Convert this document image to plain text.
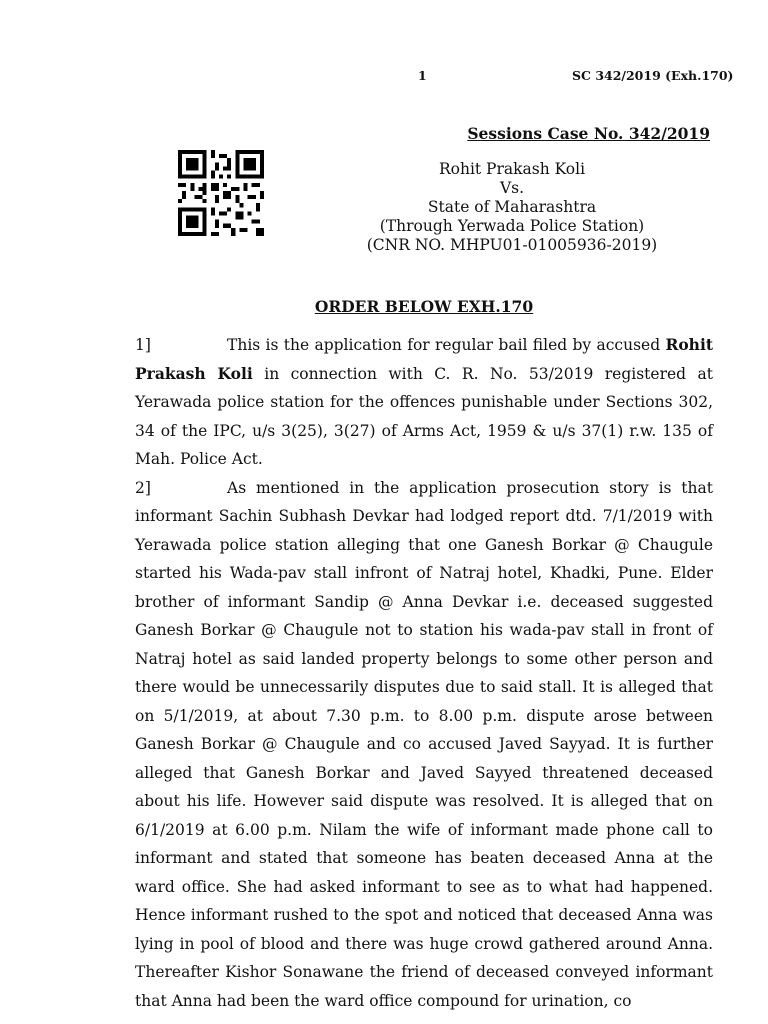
1	SC 342/2019 (Exh.170)
Sessions Case No. 342/2019
Rohit Prakash Koli
Vs.
State of Maharashtra
(Through Yerwada Police Station)
(CNR NO. MHPU01-01005936-2019)
ORDER BELOW EXH.170

1]	This is the application for regular bail filed by accused Rohit Prakash Koli in connection with C. R. No. 53/2019 registered at Yerawada police station for the offences punishable under Sections 302, 34 of the IPC, u/s 3(25), 3(27) of Arms Act, 1959 & u/s 37(1) r.w. 135 of Mah. Police Act.

2]	As mentioned in the application prosecution story is that informant Sachin Subhash Devkar had lodged report dtd. 7/1/2019 with Yerawada police station alleging that one Ganesh Borkar @ Chaugule started his Wada-pav stall infront of Natraj hotel, Khadki, Pune. Elder brother of informant Sandip @ Anna Devkar i.e. deceased suggested Ganesh Borkar @ Chaugule not to station his wada-pav stall in front of Natraj hotel as said landed property belongs to some other person and there would be unnecessarily disputes due to said stall. It is alleged that on 5/1/2019, at about 7.30 p.m. to 8.00 p.m. dispute arose between Ganesh Borkar @ Chaugule and co accused Javed Sayyad. It is further alleged that Ganesh Borkar and Javed Sayyed threatened deceased about his life. However said dispute was resolved. It is alleged that on 6/1/2019 at 6.00 p.m. Nilam the wife of informant made phone call to informant and stated that someone has beaten deceased Anna at the ward office. She had asked informant to see as to what had happened. Hence informant rushed to the spot and noticed that deceased Anna was lying in pool of blood and there was huge crowd gathered around Anna. Thereafter Kishor Sonawane the friend of deceased conveyed informant that Anna had been the ward office compound for urination, co
